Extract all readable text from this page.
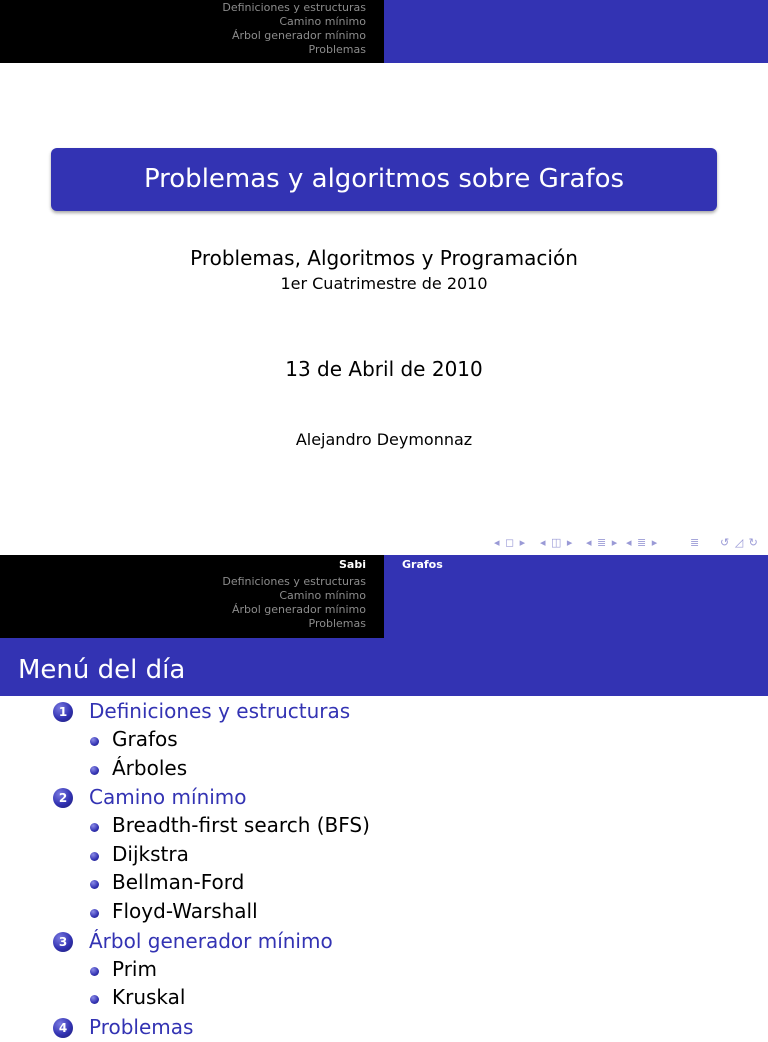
Definiciones y estructuras
Camino mínimo
Árbol generador mínimo
Problemas
Problemas y algoritmos sobre Grafos
Problemas, Algoritmos y Programación
1er Cuatrimestre de 2010
13 de Abril de 2010
Alejandro Deymonnaz
◂ ◻ ▸ ◂ ◫ ▸ ◂ ≣ ▸ ◂ ≣ ▸	≣ ↺ ◿ ↻
Sabi
Definiciones y estructuras
Camino mínimo
Árbol generador mínimo
Problemas
Grafos
Menú del día
1 Definiciones y estructuras
Grafos
Árboles
2 Camino mínimo
Breadth-first search (BFS)
Dijkstra
Bellman-Ford
Floyd-Warshall
3 Árbol generador mínimo
Prim
Kruskal
4 Problemas
